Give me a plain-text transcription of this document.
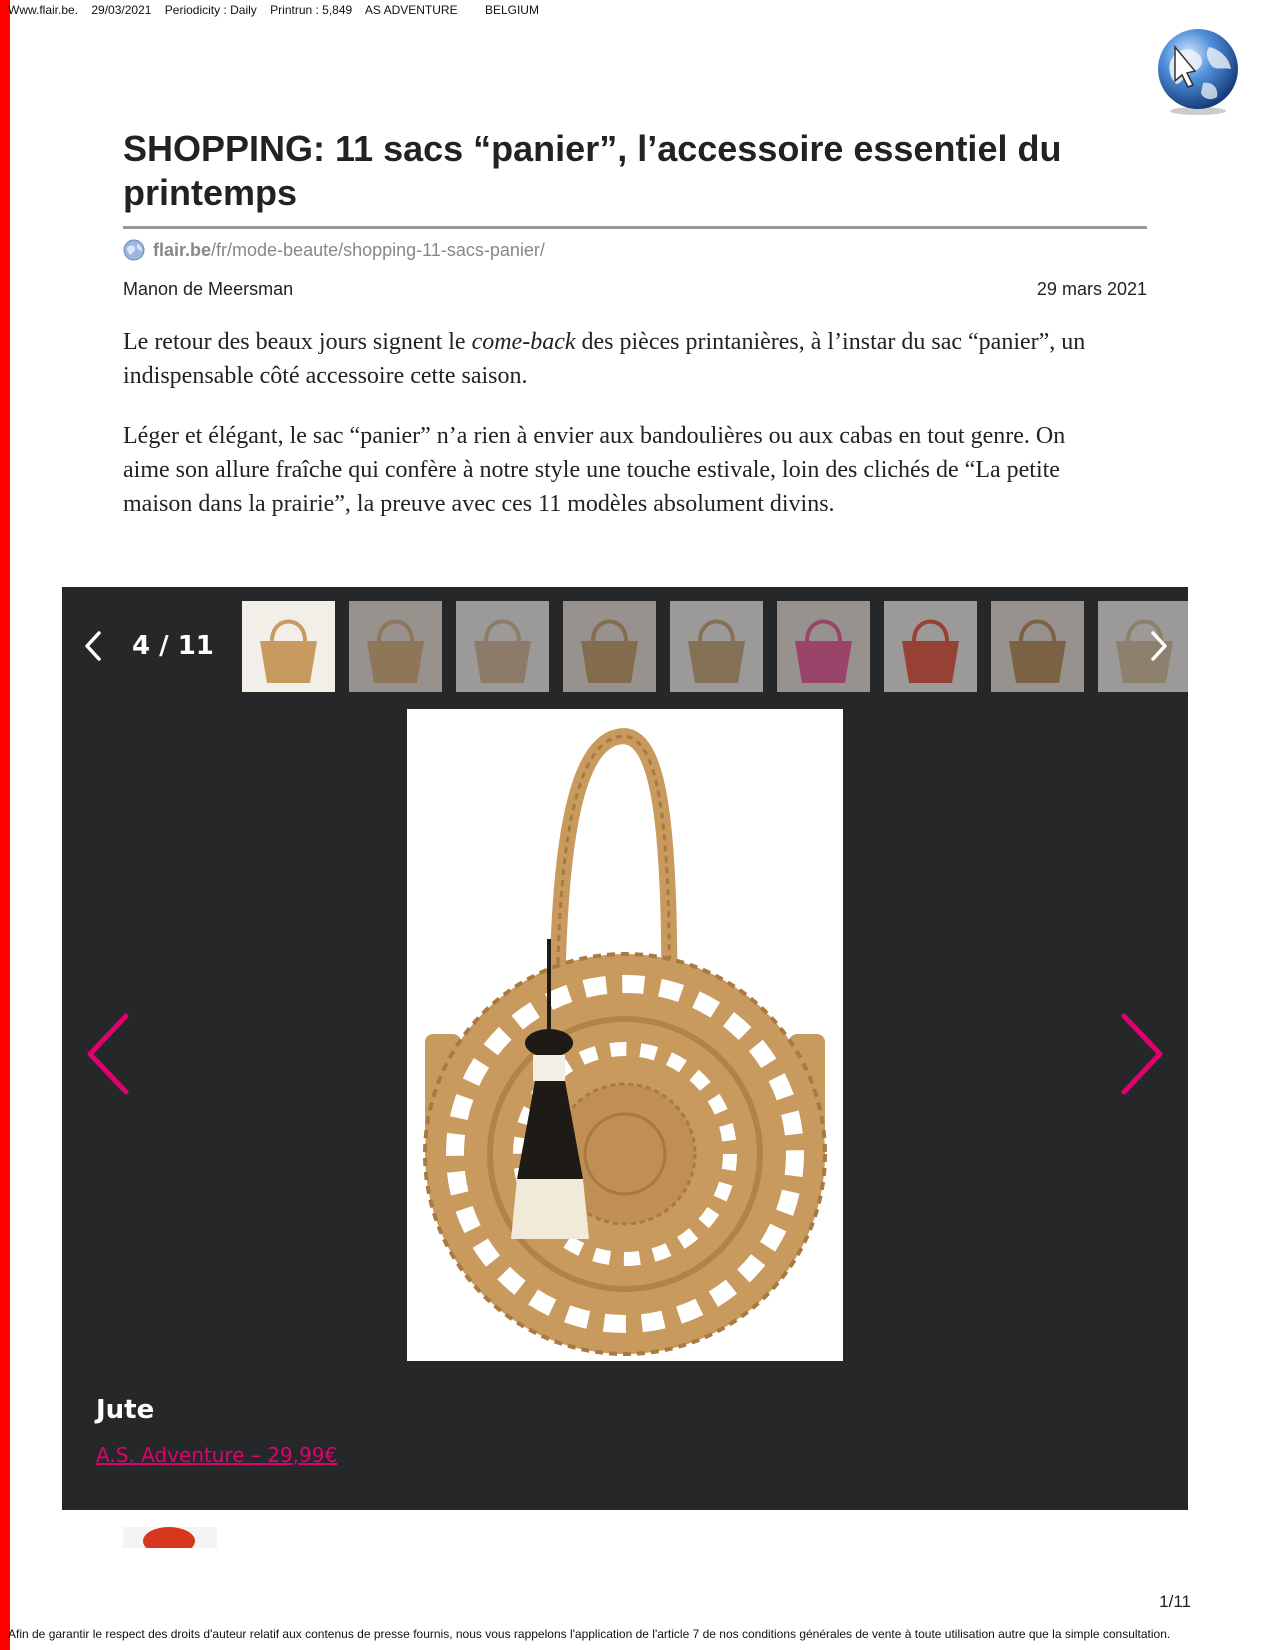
Www.flair.be. 29/03/2021 Periodicity : Daily Printrun : 5,849 AS ADVENTURE BELGIUM
SHOPPING: 11 sacs “panier”, l’accessoire essentiel du printemps
flair.be /fr/mode-beaute/shopping-11-sacs-panier/
Manon de Meersman	29 mars 2021

Le retour des beaux jours signent le come-back des pièces printanières, à l’instar du sac “panier”, un indispensable côté accessoire cette saison.

Léger et élégant, le sac “panier” n’a rien à envier aux bandoulières ou aux cabas en tout genre. On aime son allure fraîche qui confère à notre style une touche estivale, loin des clichés de “La petite maison dans la prairie”, la preuve avec ces 11 modèles absolument divins.

4 / 11
Jute
A.S. Adventure – 29,99€
1/11
Afin de garantir le respect des droits d'auteur relatif aux contenus de presse fournis, nous vous rappelons l'application de l'article 7 de nos conditions générales de vente à toute utilisation autre que la simple consultation.
